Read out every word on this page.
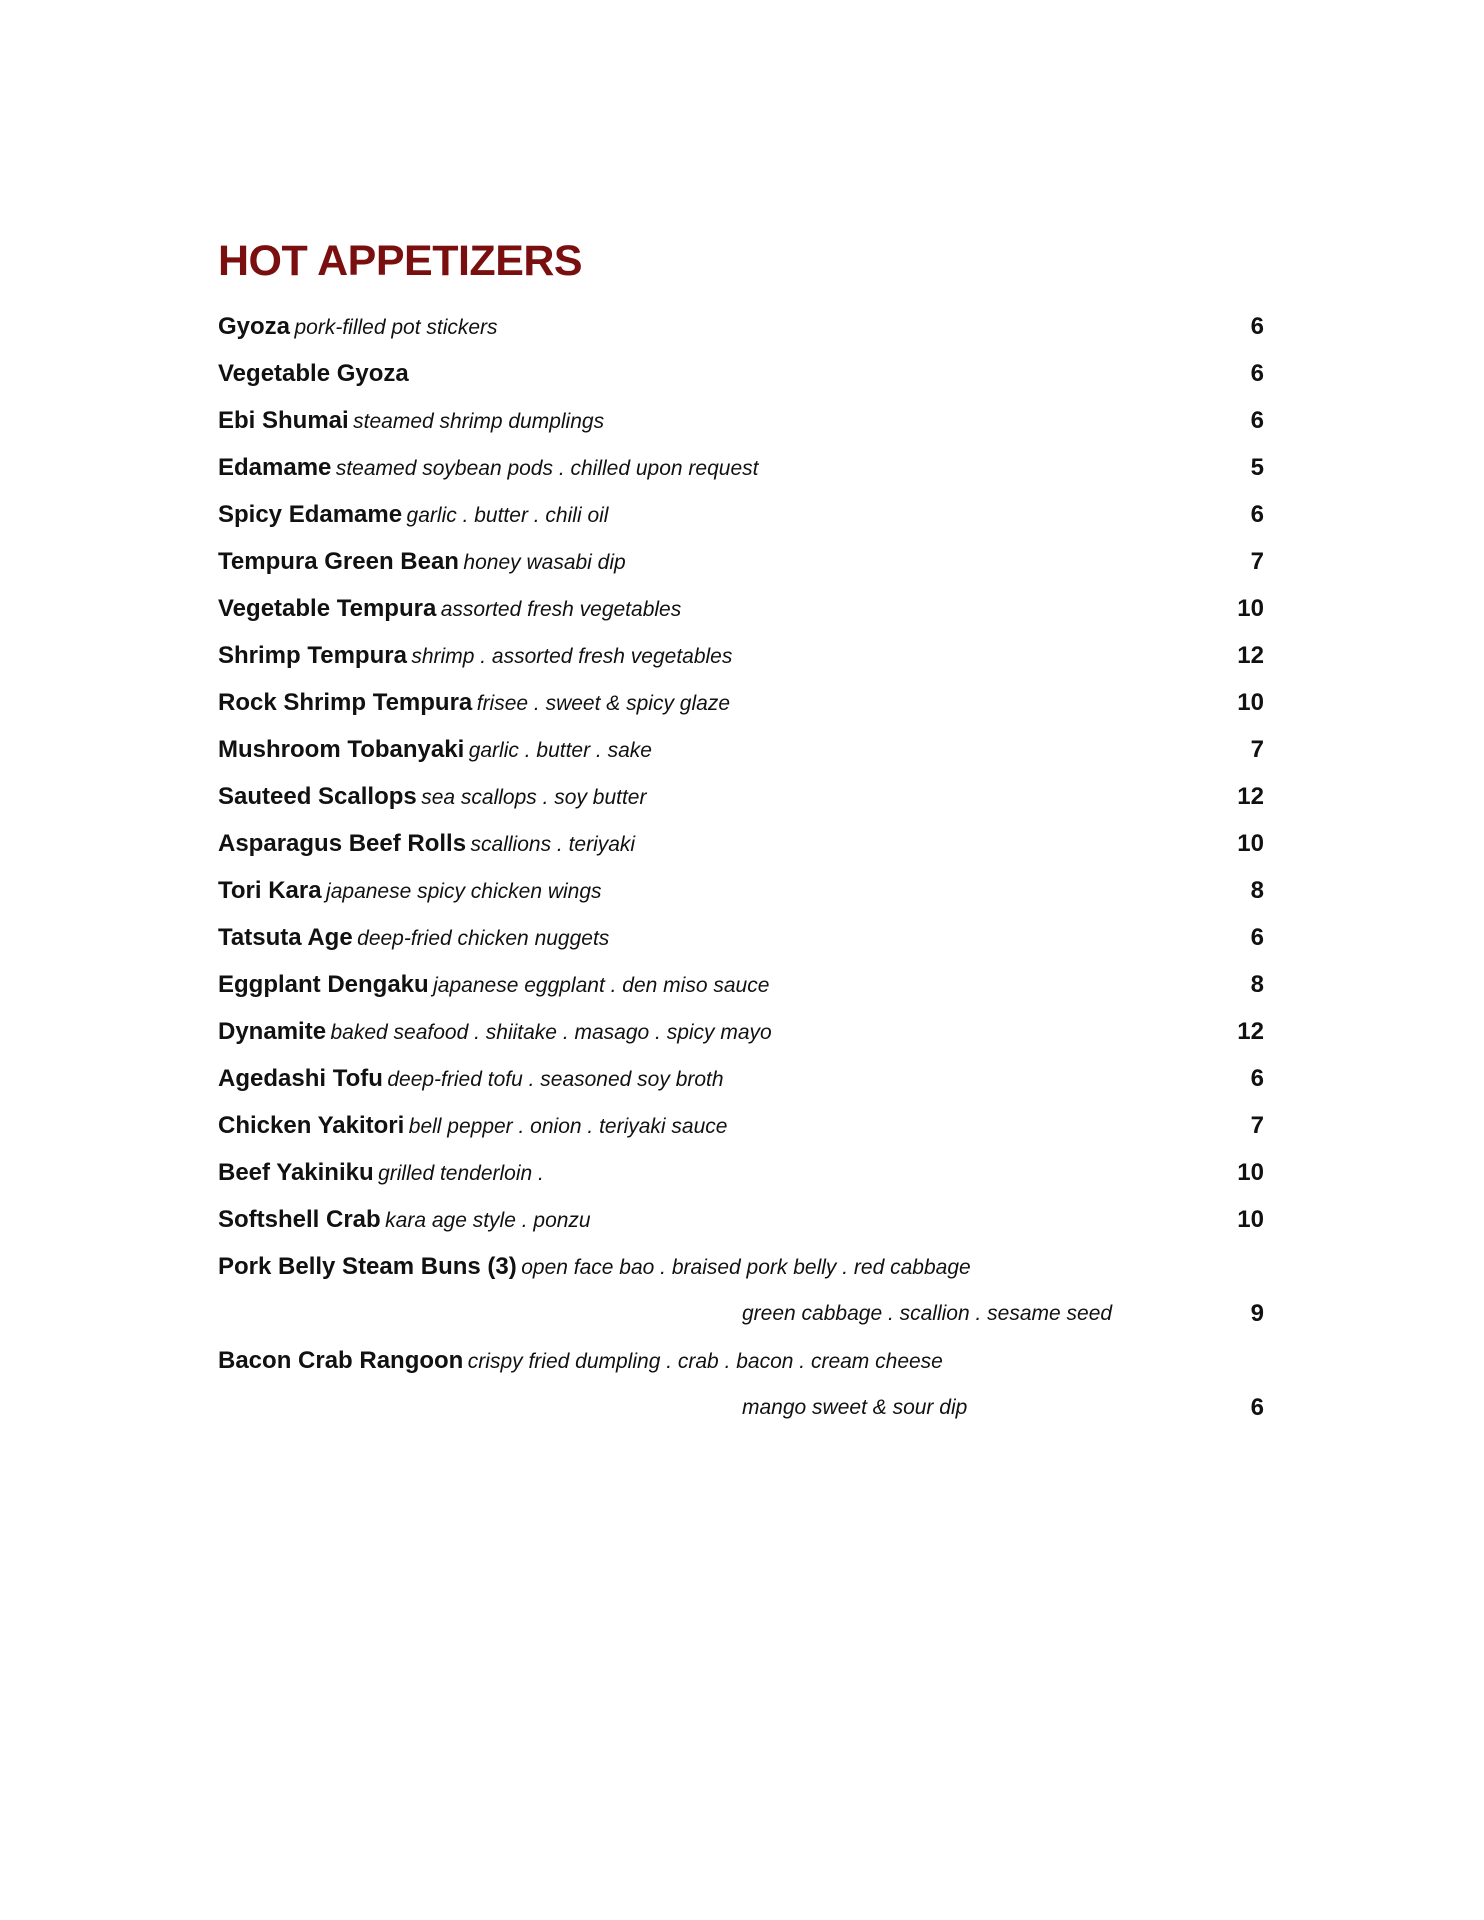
HOT APPETIZERS
Gyoza pork-filled pot stickers	6
Vegetable Gyoza	6
Ebi Shumai steamed shrimp dumplings	6
Edamame steamed soybean pods . chilled upon request	5
Spicy Edamame garlic . butter . chili oil	6
Tempura Green Bean honey wasabi dip	7
Vegetable Tempura assorted fresh vegetables	10
Shrimp Tempura shrimp . assorted fresh vegetables	12
Rock Shrimp Tempura frisee . sweet & spicy glaze	10
Mushroom Tobanyaki garlic . butter . sake	7
Sauteed Scallops sea scallops . soy butter	12
Asparagus Beef Rolls scallions . teriyaki	10
Tori Kara japanese spicy chicken wings	8
Tatsuta Age deep-fried chicken nuggets	6
Eggplant Dengaku japanese eggplant . den miso sauce	8
Dynamite baked seafood . shiitake . masago . spicy mayo	12
Agedashi Tofu deep-fried tofu . seasoned soy broth	6
Chicken Yakitori bell pepper . onion . teriyaki sauce	7
Beef Yakiniku grilled tenderloin .	10
Softshell Crab kara age style . ponzu	10
Pork Belly Steam Buns (3) open face bao . braised pork belly . red cabbage
green cabbage . scallion . sesame seed	9
Bacon Crab Rangoon crispy fried dumpling . crab . bacon . cream cheese
mango sweet & sour dip	6
